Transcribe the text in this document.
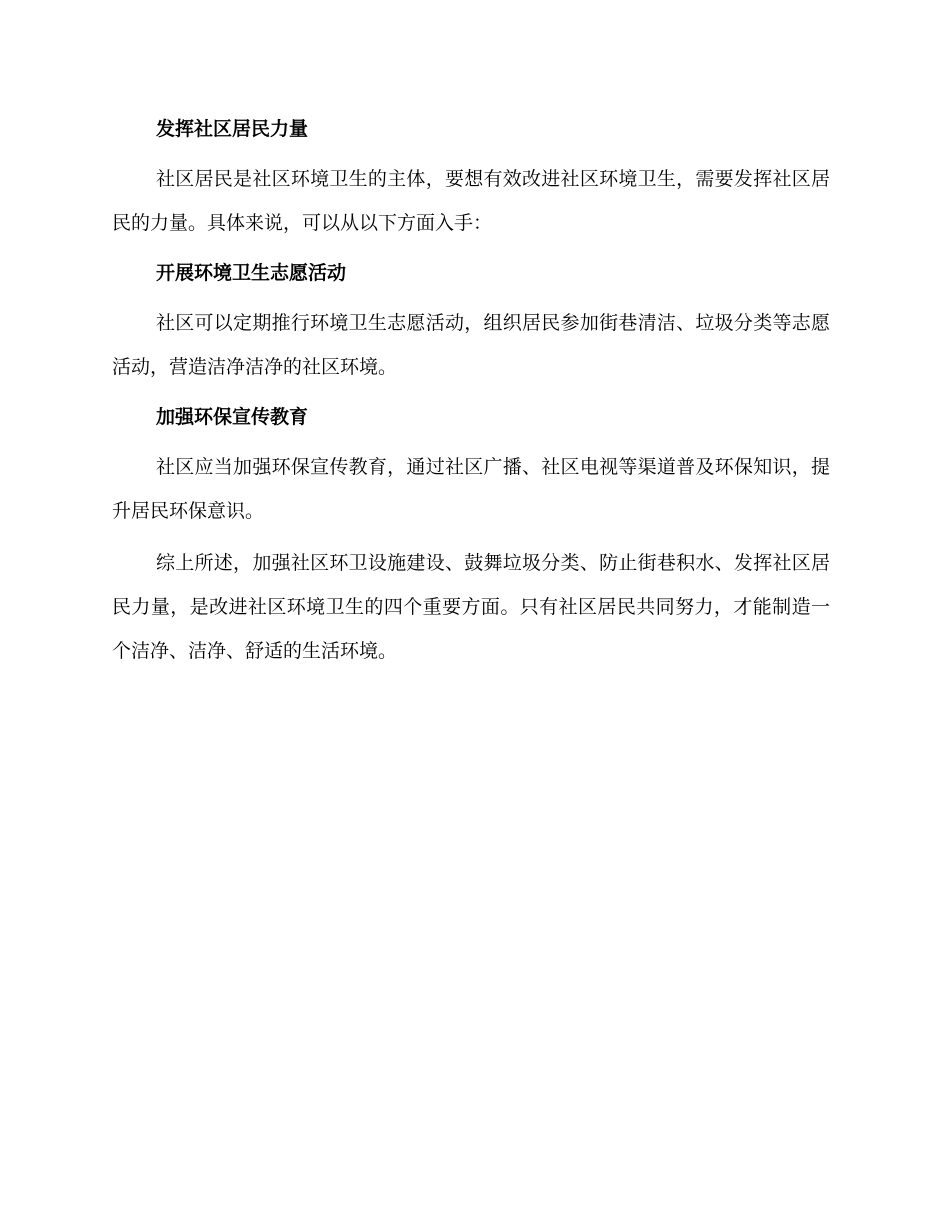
发挥社区居民力量

社区居民是社区环境卫生的主体，要想有效改进社区环境卫生，需要发挥社区居民的力量。具体来说，可以从以下方面入手：

开展环境卫生志愿活动

社区可以定期推行环境卫生志愿活动，组织居民参加街巷清洁、垃圾分类等志愿活动，营造洁净洁净的社区环境。

加强环保宣传教育

社区应当加强环保宣传教育，通过社区广播、社区电视等渠道普及环保知识，提升居民环保意识。

综上所述，加强社区环卫设施建设、鼓舞垃圾分类、防止街巷积水、发挥社区居民力量，是改进社区环境卫生的四个重要方面。只有社区居民共同努力，才能制造一个洁净、洁净、舒适的生活环境。
